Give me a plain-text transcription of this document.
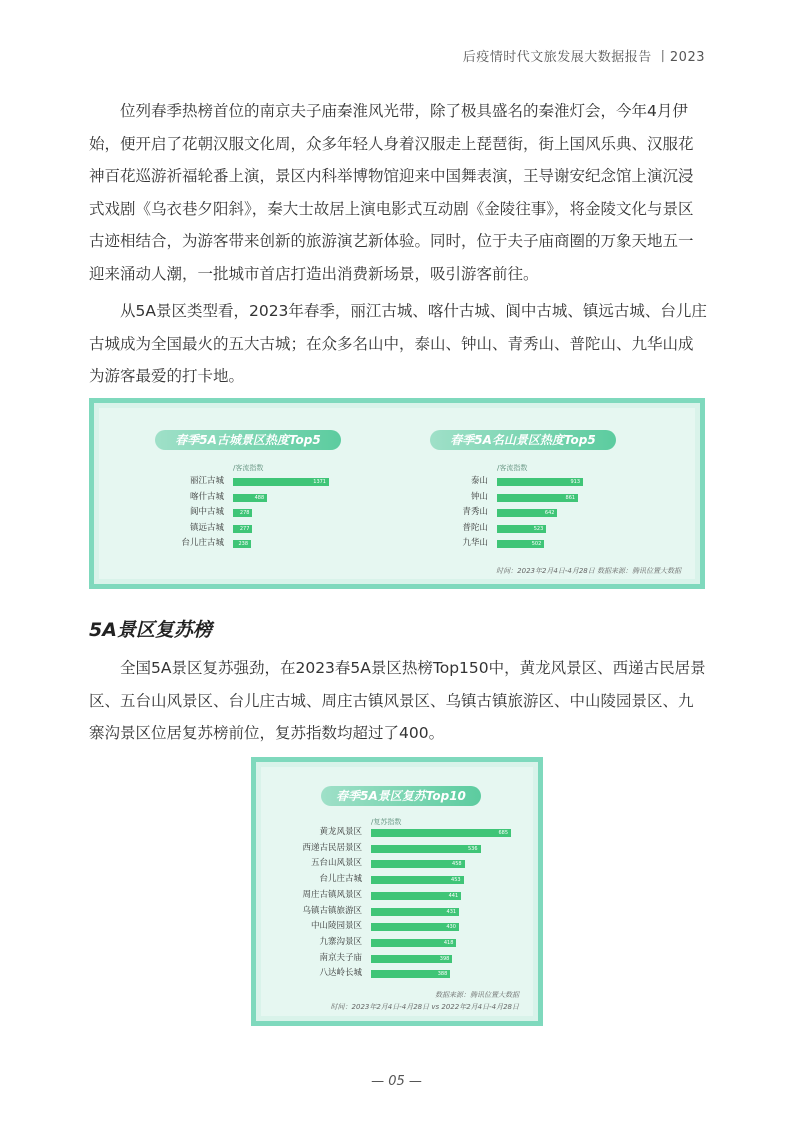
后疫情时代文旅发展大数据报告 丨2023

位列春季热榜首位的南京夫子庙秦淮风光带，除了极具盛名的秦淮灯会，今年4月伊始，便开启了花朝汉服文化周，众多年轻人身着汉服走上琵琶街，街上国风乐典、汉服花神百花巡游祈福轮番上演，景区内科举博物馆迎来中国舞表演，王导谢安纪念馆上演沉浸式戏剧《乌衣巷夕阳斜》，秦大士故居上演电影式互动剧《金陵往事》，将金陵文化与景区古迹相结合，为游客带来创新的旅游演艺新体验。同时，位于夫子庙商圈的万象天地五一迎来涌动人潮，一批城市首店打造出消费新场景，吸引游客前往。

从5A景区类型看，2023年春季，丽江古城、喀什古城、阆中古城、镇远古城、台儿庄古城成为全国最火的五大古城；在众多名山中，泰山、钟山、青秀山、普陀山、九华山成为游客最爱的打卡地。

春季5A古城景区热度Top5	春季5A名山景区热度Top5
/客流指数	/客流指数
丽江古城	1371
喀什古城	488
阆中古城	278
镇远古城	277
台儿庄古城	238
泰山	913
钟山	861
青秀山	642
普陀山	523
九华山	502
时间：2023年2月4日-4月28日 数据来源：腾讯位置大数据
5A景区复苏榜

全国5A景区复苏强劲，在2023春5A景区热榜Top150中，黄龙风景区、西递古民居景区、五台山风景区、台儿庄古城、周庄古镇风景区、乌镇古镇旅游区、中山陵园景区、九寨沟景区位居复苏榜前位，复苏指数均超过了400。

春季5A景区复苏Top10
/复苏指数
黄龙风景区	685
西递古民居景区	536
五台山风景区	458
台儿庄古城	453
周庄古镇风景区	441
乌镇古镇旅游区	431
中山陵园景区	430
九寨沟景区	418
南京夫子庙	398
八达岭长城	388
数据来源：腾讯位置大数据
时间：2023年2月4日-4月28日 vs 2022年2月4日-4月28日
— 05 —
